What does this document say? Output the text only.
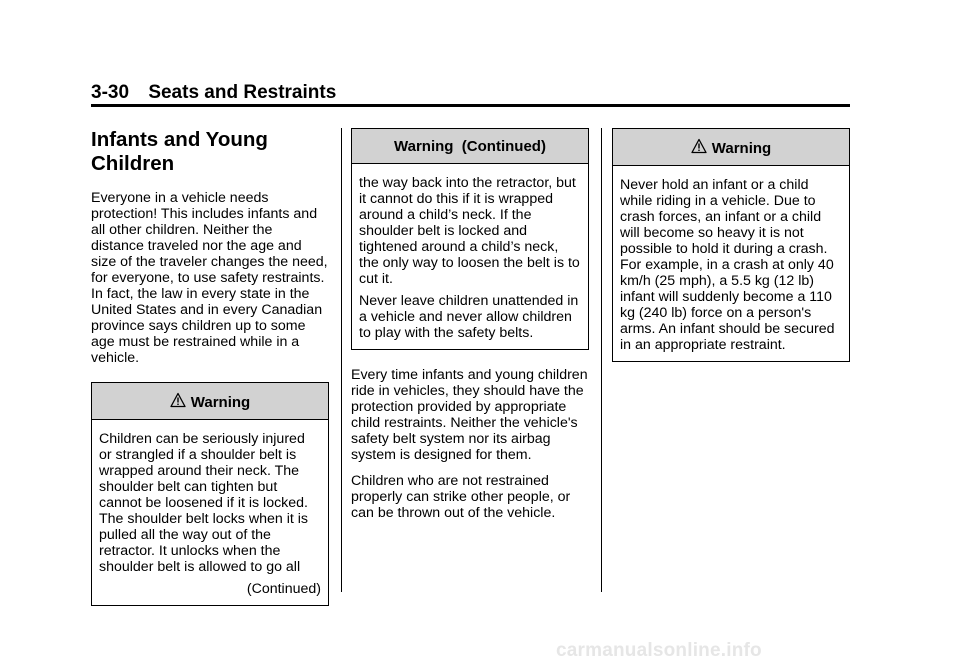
3-30 Seats and Restraints
Infants and Young Children

Everyone in a vehicle needs protection! This includes infants and all other children. Neither the distance traveled nor the age and size of the traveler changes the need, for everyone, to use safety restraints. In fact, the law in every state in the United States and in every Canadian province says children up to some age must be restrained while in a vehicle.

Warning

Children can be seriously injured or strangled if a shoulder belt is wrapped around their neck. The shoulder belt can tighten but cannot be loosened if it is locked. The shoulder belt locks when it is pulled all the way out of the retractor. It unlocks when the shoulder belt is allowed to go all

(Continued)
Warning  (Continued)

the way back into the retractor, but it cannot do this if it is wrapped around a child’s neck. If the shoulder belt is locked and tightened around a child’s neck, the only way to loosen the belt is to cut it.

Never leave children unattended in a vehicle and never allow children to play with the safety belts.

Every time infants and young children ride in vehicles, they should have the protection provided by appropriate child restraints. Neither the vehicle's safety belt system nor its airbag system is designed for them.

Children who are not restrained properly can strike other people, or can be thrown out of the vehicle.

Warning

Never hold an infant or a child while riding in a vehicle. Due to crash forces, an infant or a child will become so heavy it is not possible to hold it during a crash. For example, in a crash at only 40 km/h (25 mph), a 5.5 kg (12 lb) infant will suddenly become a 110 kg (240 lb) force on a person's arms. An infant should be secured in an appropriate restraint.

carmanualsonline.info
